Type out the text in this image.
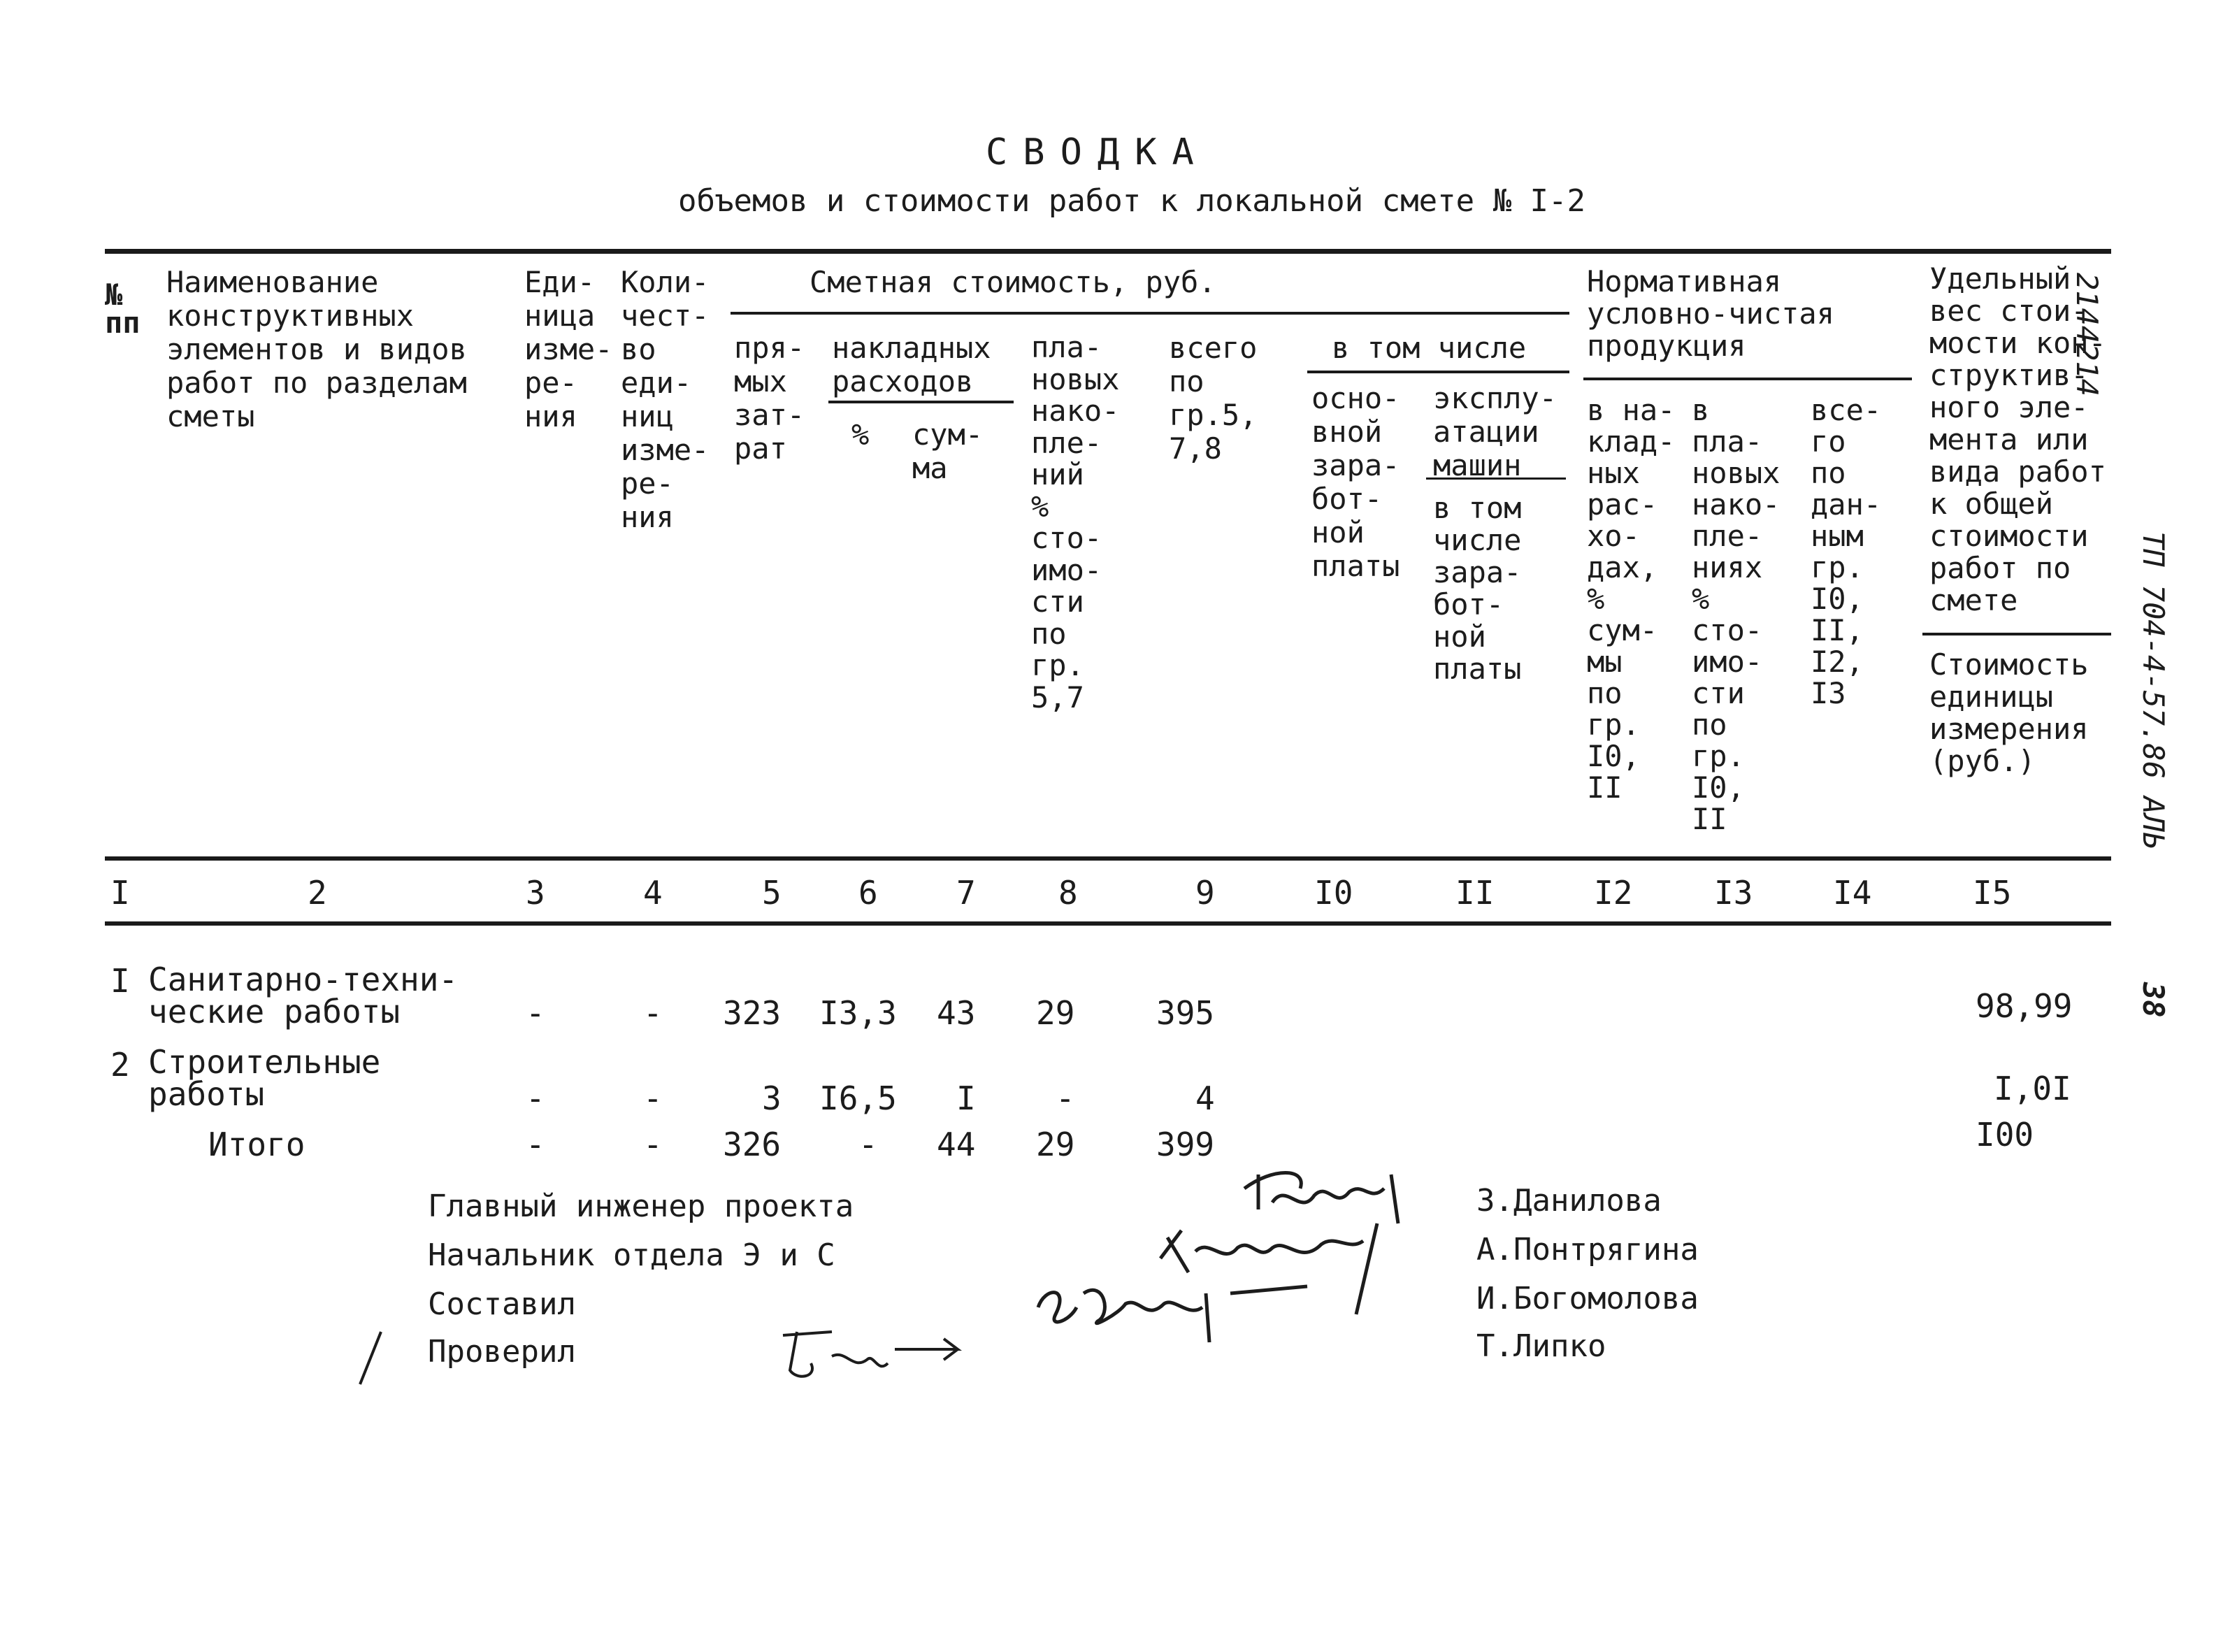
СВОДКА
объемов и стоимости работ к локальной смете № I-2
№
пп
Наименование
конструктивных
элементов и видов
работ по разделам
сметы
Еди-
ница
изме-
ре-
ния
Коли-
чест-
во
еди-
ниц
изме-
ре-
ния
Сметная стоимость, руб.
пря-
мых
зат-
рат
накладных
расходов
% сум-
ма
пла-
новых
нако-
пле-
ний
%
сто-
имо-
сти
по
гр.
5,7
всего
по
гр.5,
7,8
в том числе
осно-
вной
зара-
бот-
ной
платы
эксплу-
атации
машин
в том
числе
зара-
бот-
ной
платы
Нормативная
условно-чистая
продукция
в на-
клад-
ных
рас-
хо-
дах,
%
сум-
мы
по
гр.
I0,
II
в
пла-
новых
нако-
пле-
ниях
%
сто-
имо-
сти
по
гр.
I0,
II
все-
го
по
дан-
ным
гр.
I0,
II,
I2,
I3
Удельный
вес стои-
мости кон-
структив-
ного эле-
мента или
вида работ
к общей
стоимости
работ по
смете
Стоимость
единицы
измерения
(руб.)
I	2	3	4	5 6 7	8	9	I0	II	I2	I3 I4	I5
I Санитарно-техни-
ческие работы	-	- 323 I3,3 43 29	395	98,99
2 Строительные
работы	-	-	3 I6,5 I -	4	I,0I
Итого	-	- 326 - 44 29	399	I00
Главный инженер проекта
Начальник отдела Э и С
Составил
Проверил
З.Данилова
А.Понтрягина
И.Богомолова
Т.Липко
2144214
ТП 704-4-57.86 АЛЬ
38
